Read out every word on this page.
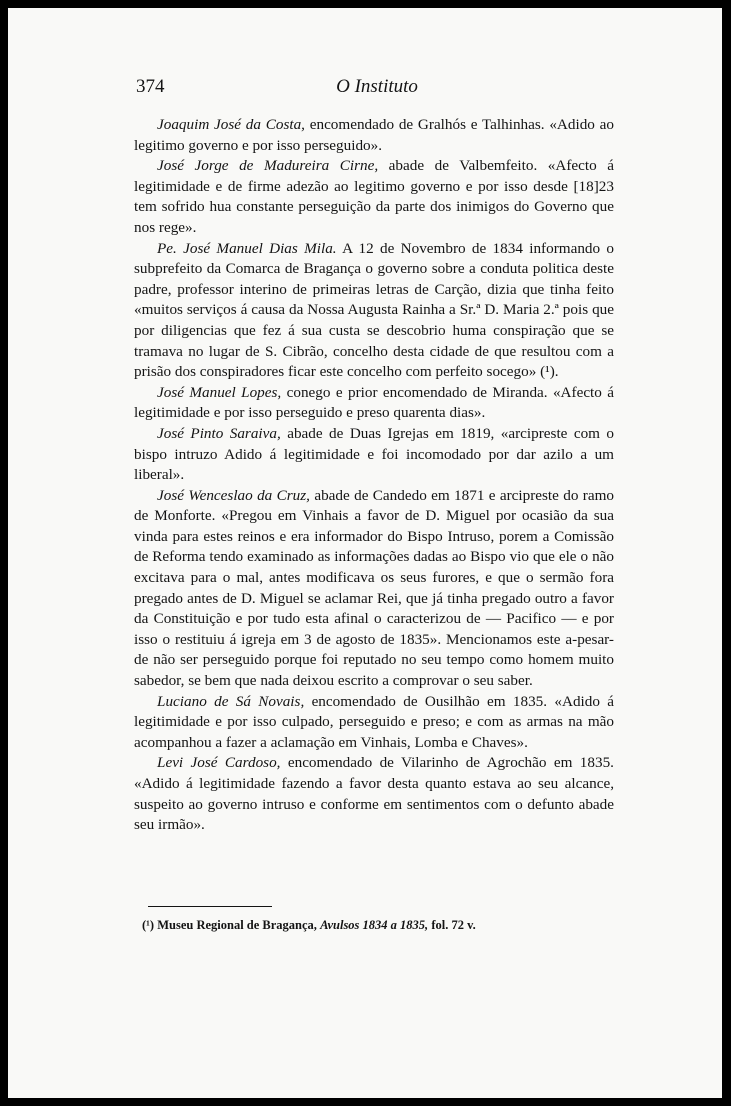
374	O Instituto

Joaquim José da Costa, encomendado de Gralhós e Talhinhas. «Adido ao legitimo governo e por isso perseguido».

José Jorge de Madureira Cirne, abade de Valbemfeito. «Afecto á legitimidade e de firme adezão ao legitimo governo e por isso desde [18]23 tem sofrido hua constante perseguição da parte dos inimigos do Governo que nos rege».

Pe. José Manuel Dias Mila. A 12 de Novembro de 1834 informando o subprefeito da Comarca de Bragança o governo sobre a conduta politica deste padre, professor interino de primeiras letras de Carção, dizia que tinha feito «muitos serviços á causa da Nossa Augusta Rainha a Sr.ª D. Maria 2.ª pois que por diligencias que fez á sua custa se descobrio huma conspiração que se tramava no lugar de S. Cibrão, concelho desta cidade de que resultou com a prisão dos conspiradores ficar este concelho com perfeito socego» (¹).

José Manuel Lopes, conego e prior encomendado de Miranda. «Afecto á legitimidade e por isso perseguido e preso quarenta dias».

José Pinto Saraiva, abade de Duas Igrejas em 1819, «arcipreste com o bispo intruzo Adido á legitimidade e foi incomodado por dar azilo a um liberal».

José Wenceslao da Cruz, abade de Candedo em 1871 e arcipreste do ramo de Monforte. «Pregou em Vinhais a favor de D. Miguel por ocasião da sua vinda para estes reinos e era informador do Bispo Intruso, porem a Comissão de Reforma tendo examinado as informações dadas ao Bispo vio que ele o não excitava para o mal, antes modificava os seus furores, e que o sermão fora pregado antes de D. Miguel se aclamar Rei, que já tinha pregado outro a favor da Constituição e por tudo esta afinal o caracterizou de — Pacifico — e por isso o restituiu á igreja em 3 de agosto de 1835». Mencionamos este a-pesar-de não ser perseguido porque foi reputado no seu tempo como homem muito sabedor, se bem que nada deixou escrito a comprovar o seu saber.

Luciano de Sá Novais, encomendado de Ousilhão em 1835. «Adido á legitimidade e por isso culpado, perseguido e preso; e com as armas na mão acompanhou a fazer a aclamação em Vinhais, Lomba e Chaves».

Levi José Cardoso, encomendado de Vilarinho de Agrochão em 1835. «Adido á legitimidade fazendo a favor desta quanto estava ao seu alcance, suspeito ao governo intruso e conforme em sentimentos com o defunto abade seu irmão».

(¹) Museu Regional de Bragança, Avulsos 1834 a 1835, fol. 72 v.
